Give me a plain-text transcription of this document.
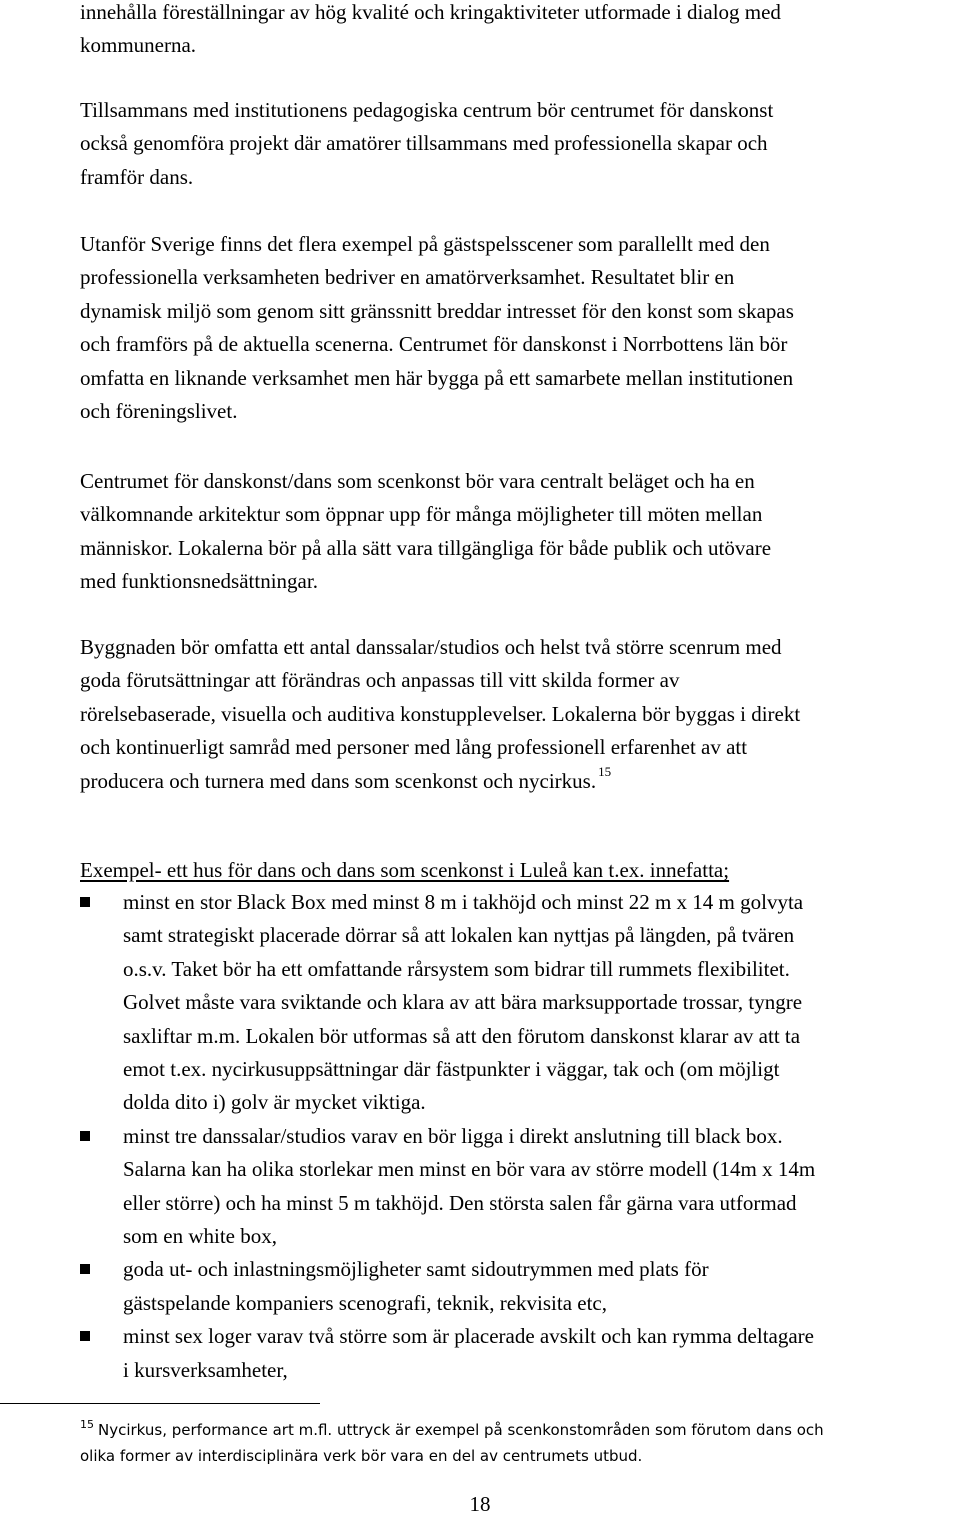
innehålla föreställningar av hög kvalité och kringaktiviteter utformade i dialog med
kommunerna.

Tillsammans med institutionens pedagogiska centrum bör centrumet för danskonst
också genomföra projekt där amatörer tillsammans med professionella skapar och
framför dans.

Utanför Sverige finns det flera exempel på gästspelsscener som parallellt med den
professionella verksamheten bedriver en amatörverksamhet. Resultatet blir en
dynamisk miljö som genom sitt gränssnitt breddar intresset för den konst som skapas
och framförs på de aktuella scenerna. Centrumet för danskonst i Norrbottens län bör
omfatta en liknande verksamhet men här bygga på ett samarbete mellan institutionen
och föreningslivet.

Centrumet för danskonst/dans som scenkonst bör vara centralt beläget och ha en
välkomnande arkitektur som öppnar upp för många möjligheter till möten mellan
människor. Lokalerna bör på alla sätt vara tillgängliga för både publik och utövare
med funktionsnedsättningar.

Byggnaden bör omfatta ett antal danssalar/studios och helst två större scenrum med
goda förutsättningar att förändras och anpassas till vitt skilda former av
rörelsebaserade, visuella och auditiva konstupplevelser. Lokalerna bör byggas i direkt
och kontinuerligt samråd med personer med lång professionell erfarenhet av att
producera och turnera med dans som scenkonst och nycirkus. $^{15}$

Exempel- ett hus för dans och dans som scenkonst i Luleå kan t.ex. innefatta;

minst en stor Black Box med minst 8 m i takhöjd och minst 22 m x 14 m golvyta
samt strategiskt placerade dörrar så att lokalen kan nyttjas på längden, på tvären
o.s.v. Taket bör ha ett omfattande rårsystem som bidrar till rummets flexibilitet.
Golvet måste vara sviktande och klara av att bära marksupportade trossar, tyngre
saxliftar m.m. Lokalen bör utformas så att den förutom danskonst klarar av att ta
emot t.ex. nycirkusuppsättningar där fästpunkter i väggar, tak och (om möjligt
dolda dito i) golv är mycket viktiga.
minst tre danssalar/studios varav en bör ligga i direkt anslutning till black box.
Salarna kan ha olika storlekar men minst en bör vara av större modell (14m x 14m
eller större) och ha minst 5 m takhöjd. Den största salen får gärna vara utformad
som en white box,
goda ut- och inlastningsmöjligheter samt sidoutrymmen med plats för
gästspelande kompaniers scenografi, teknik, rekvisita etc,
minst sex loger varav två större som är placerade avskilt och kan rymma deltagare
i kursverksamheter,

$^{15}$ Nycirkus, performance art m.fl. uttryck är exempel på scenkonstområden som förutom dans och
olika former av interdisciplinära verk bör vara en del av centrumets utbud.

18
